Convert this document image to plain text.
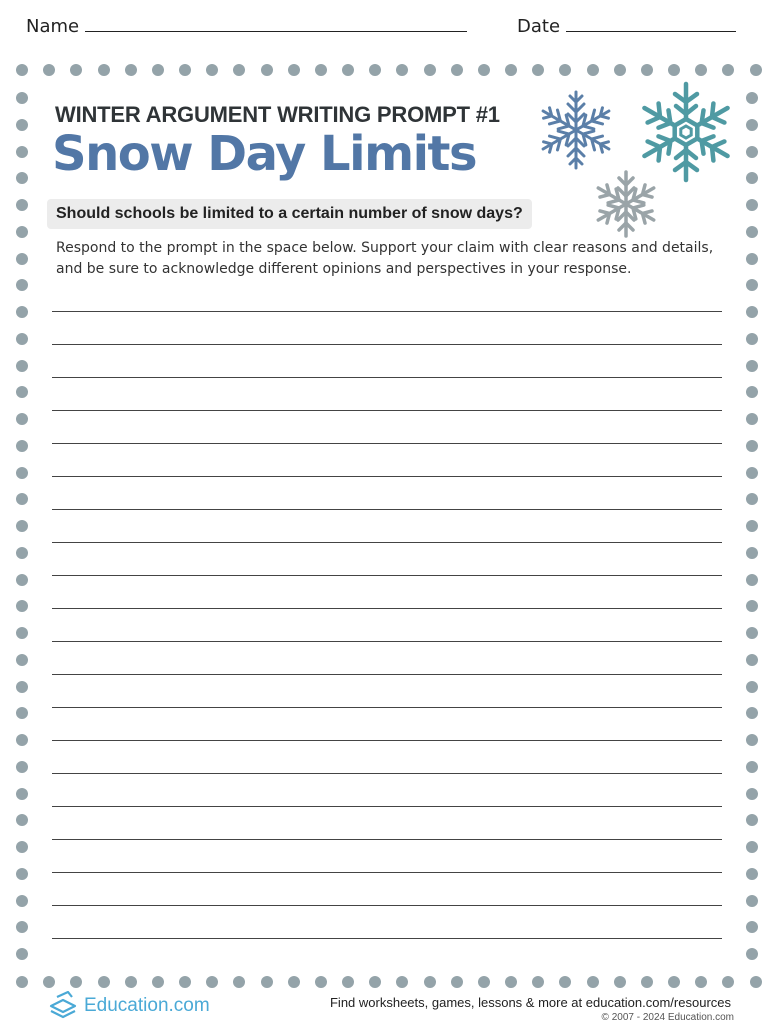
Name	Date
WINTER ARGUMENT WRITING PROMPT #1
Snow Day Limits
Should schools be limited to a certain number of snow days?

Respond to the prompt in the space below. Support your claim with clear reasons and details, and be sure to acknowledge different opinions and perspectives in your response.

Education.com	Find worksheets, games, lessons & more at education.com/resources

© 2007 - 2024 Education.com
